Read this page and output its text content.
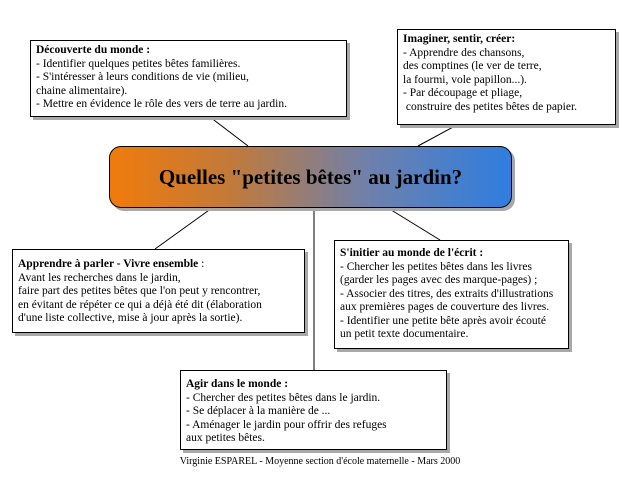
Découverte du monde :
- Identifier quelques petites bêtes familières.
- S'intéresser à leurs conditions de vie (milieu,
chaine alimentaire).
- Mettre en évidence le rôle des vers de terre au jardin.
Imaginer, sentir, créer:
- Apprendre des chansons,
des comptines (le ver de terre,
la fourmi, vole papillon...).
- Par découpage et pliage,
construire des petites bêtes de papier.
Quelles "petites bêtes" au jardin?
Apprendre à parler - Vivre ensemble :
Avant les recherches dans le jardin,
faire part des petites bêtes que l'on peut y rencontrer,
en évitant de répéter ce qui a déjà été dit (élaboration
d'une liste collective, mise à jour après la sortie).
S'initier au monde de l'écrit :
- Chercher les petites bêtes dans les livres
(garder les pages avec des marque-pages) ;
- Associer des titres, des extraits d'illustrations
aux premières pages de couverture des livres.
- Identifier une petite bête après avoir écouté
un petit texte documentaire.
Agir dans le monde :
- Chercher des petites bêtes dans le jardin.
- Se déplacer à la manière de ...
- Aménager le jardin pour offrir des refuges
aux petites bêtes.
Virginie ESPAREL - Moyenne section d'école maternelle - Mars 2000
